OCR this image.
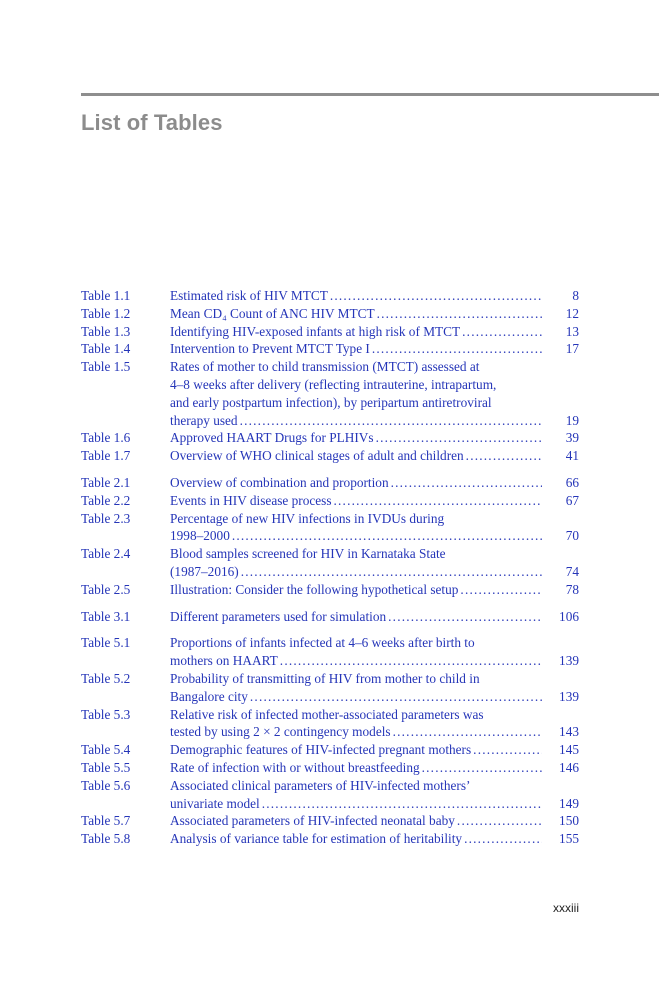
List of Tables
Table 1.1	Estimated risk of HIV MTCT .....	8
Table 1.2	Mean CD₄ Count of ANC HIV MTCT .....	12
Table 1.3	Identifying HIV-exposed infants at high risk of MTCT .....	13
Table 1.4	Intervention to Prevent MTCT Type I .....	17
Table 1.5	Rates of mother to child transmission (MTCT) assessed at
4–8 weeks after delivery (reflecting intrauterine, intrapartum,
and early postpartum infection), by peripartum antiretroviral
therapy used .....	19
Table 1.6	Approved HAART Drugs for PLHIVs .....	39
Table 1.7	Overview of WHO clinical stages of adult and children .....	41
Table 2.1	Overview of combination and proportion .....	66
Table 2.2	Events in HIV disease process .....	67
Table 2.3	Percentage of new HIV infections in IVDUs during
1998–2000 .....	70
Table 2.4	Blood samples screened for HIV in Karnataka State
(1987–2016) .....	74
Table 2.5	Illustration: Consider the following hypothetical setup .....	78
Table 3.1	Different parameters used for simulation .....	106
Table 5.1	Proportions of infants infected at 4–6 weeks after birth to
mothers on HAART .....	139
Table 5.2	Probability of transmitting of HIV from mother to child in
Bangalore city .....	139
Table 5.3	Relative risk of infected mother-associated parameters was
tested by using 2 × 2 contingency models .....	143
Table 5.4	Demographic features of HIV-infected pregnant mothers .....	145
Table 5.5	Rate of infection with or without breastfeeding .....	146
Table 5.6	Associated clinical parameters of HIV-infected mothers’
univariate model .....	149
Table 5.7	Associated parameters of HIV-infected neonatal baby .....	150
Table 5.8	Analysis of variance table for estimation of heritability .....	155
xxxiii
